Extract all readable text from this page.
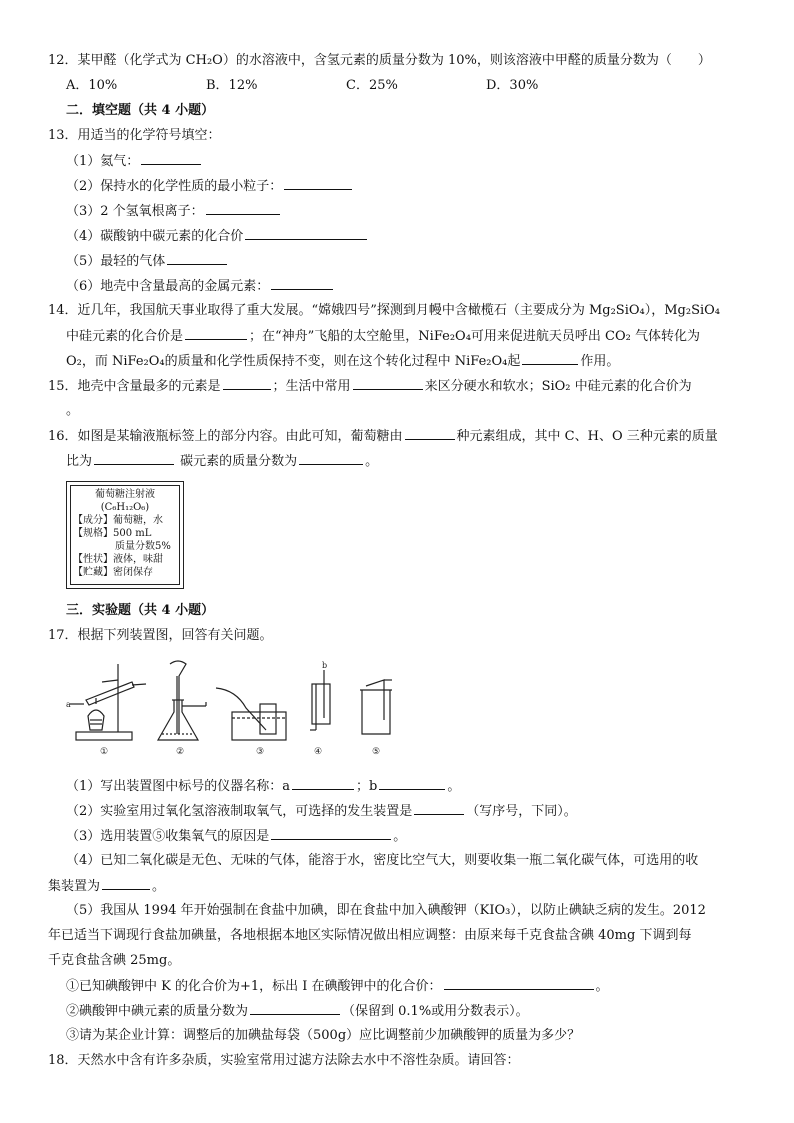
12．某甲醛（化学式为 CH₂O）的水溶液中，含氢元素的质量分数为 10%，则该溶液中甲醛的质量分数为（　　）
A．10%	B．12%	C．25%	D．30%
二．填空题（共 4 小题）
13．用适当的化学符号填空：
（1）氦气：
（2）保持水的化学性质的最小粒子：
（3）2 个氢氧根离子：
（4）碳酸钠中碳元素的化合价
（5）最轻的气体
（6）地壳中含量最高的金属元素：
14．近几年，我国航天事业取得了重大发展。“嫦娥四号”探测到月幔中含橄榄石（主要成分为 Mg₂SiO₄），Mg₂SiO₄
中硅元素的化合价是	；在“神舟”飞船的太空舱里，NiFe₂O₄可用来促进航天员呼出 CO₂ 气体转化为
O₂，而 NiFe₂O₄的质量和化学性质保持不变，则在这个转化过程中 NiFe₂O₄起	作用。
15．地壳中含量最多的元素是	；生活中常用	来区分硬水和软水；SiO₂ 中硅元素的化合价为
。
16．如图是某输液瓶标签上的部分内容。由此可知，葡萄糖由	种元素组成，其中 C、H、O 三种元素的质量
比为	碳元素的质量分数为	。
葡萄糖注射液
(C₆H₁₂O₆)
【成分】葡萄糖，水
【规格】500 mL
质量分数5%
【性状】液体，味甜
【贮藏】密闭保存
三．实验题（共 4 小题）
17．根据下列装置图，回答有关问题。
a
①	②	③
b
④	⑤
（1）写出装置图中标号的仪器名称：a	；b	。
（2）实验室用过氧化氢溶液制取氧气，可选择的发生装置是	（写序号，下同）。
（3）选用装置⑤收集氧气的原因是	。
（4）已知二氧化碳是无色、无味的气体，能溶于水，密度比空气大，则要收集一瓶二氧化碳气体，可选用的收
集装置为	。
（5）我国从 1994 年开始强制在食盐中加碘，即在食盐中加入碘酸钾（KIO₃），以防止碘缺乏病的发生。2012
年已适当下调现行食盐加碘量，各地根据本地区实际情况做出相应调整：由原来每千克食盐含碘 40mg 下调到每
千克食盐含碘 25mg。
①已知碘酸钾中 K 的化合价为+1，标出 I 在碘酸钾中的化合价：	。
②碘酸钾中碘元素的质量分数为	（保留到 0.1%或用分数表示）。
③请为某企业计算：调整后的加碘盐每袋（500g）应比调整前少加碘酸钾的质量为多少？
18．天然水中含有许多杂质，实验室常用过滤方法除去水中不溶性杂质。请回答：
